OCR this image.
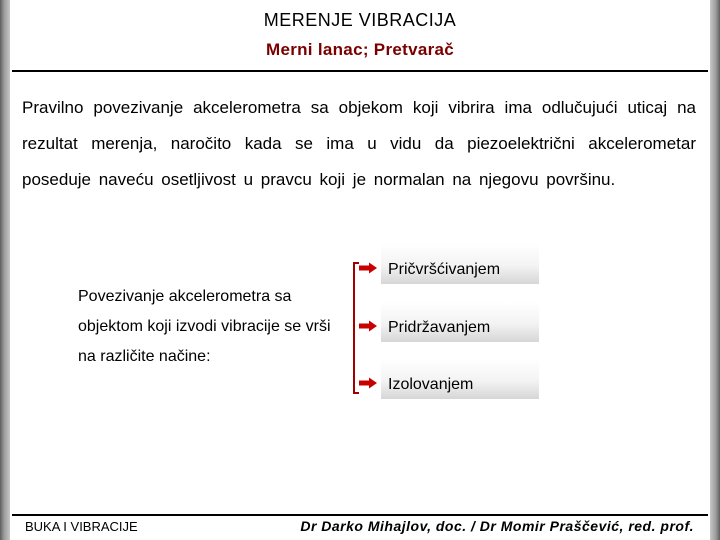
MERENJE VIBRACIJA
Merni lanac; Pretvarač
Pravilno povezivanje akcelerometra sa objekom koji vibrira ima odlučujući uticaj na rezultat merenja, naročito kada se ima u vidu da piezoelektrični akcelerometar poseduje naveću osetljivost u pravcu koji je normalan na njegovu površinu.
Povezivanje akcelerometra sa objektom koji izvodi vibracije se vrši na različite načine:
Pričvršćivanjem
Pridržavanjem
Izolovanjem
BUKA I VIBRACIJE	Dr Darko Mihajlov, doc. / Dr Momir Praščević, red. prof.
